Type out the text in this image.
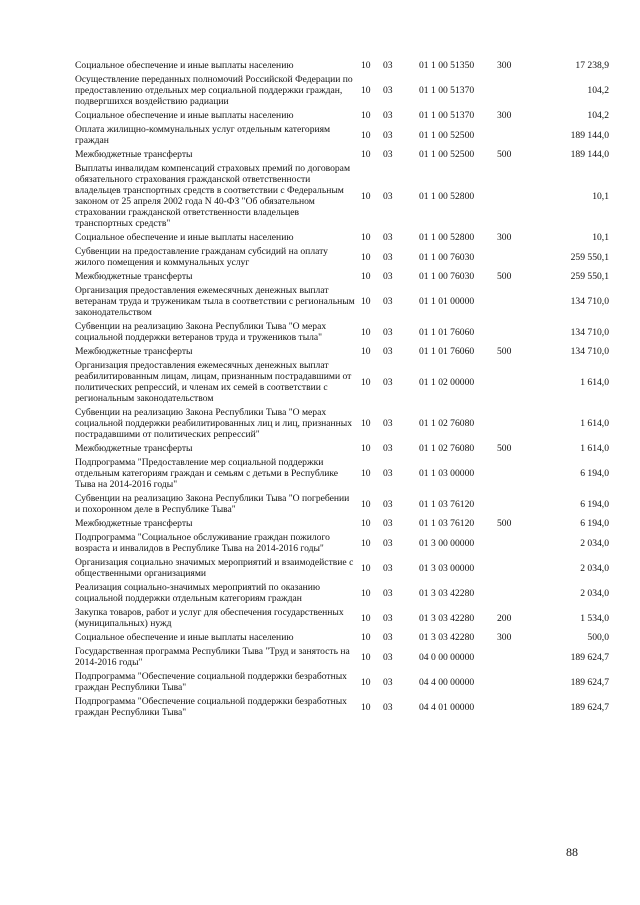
Социальное обеспечение и иные выплаты населению	10	03	01 1 00 51350	300	17 238,9
Осуществление переданных полномочий Российской Федерации по предоставлению отдельных мер социальной поддержки граждан, подвергшихся воздействию радиации	10	03	01 1 00 51370		104,2
Социальное обеспечение и иные выплаты населению	10	03	01 1 00 51370	300	104,2
Оплата жилищно-коммунальных услуг отдельным категориям граждан	10	03	01 1 00 52500		189 144,0
Межбюджетные трансферты	10	03	01 1 00 52500	500	189 144,0
Выплаты инвалидам компенсаций страховых премий по договорам обязательного страхования гражданской ответственности владельцев транспортных средств в соответствии с Федеральным законом от 25 апреля 2002 года N 40-ФЗ "Об обязательном страховании гражданской ответственности владельцев транспортных средств"	10	03	01 1 00 52800		10,1
Социальное обеспечение и иные выплаты населению	10	03	01 1 00 52800	300	10,1
Субвенции на предоставление гражданам субсидий на оплату жилого помещения и коммунальных услуг	10	03	01 1 00 76030		259 550,1
Межбюджетные трансферты	10	03	01 1 00 76030	500	259 550,1
Организация предоставления ежемесячных денежных выплат ветеранам труда и труженикам тыла в соответствии с региональным законодательством	10	03	01 1 01 00000		134 710,0
Субвенции на реализацию Закона Республики Тыва "О мерах социальной поддержки ветеранов труда и тружеников тыла"	10	03	01 1 01 76060		134 710,0
Межбюджетные трансферты	10	03	01 1 01 76060	500	134 710,0
Организация предоставления ежемесячных денежных выплат реабилитированным лицам, лицам, признанным пострадавшими от политических репрессий, и членам их семей в соответствии с региональным законодательством	10	03	01 1 02 00000		1 614,0
Субвенции на реализацию Закона Республики Тыва "О мерах социальной поддержки реабилитированных лиц и лиц, признанных пострадавшими от политических репрессий"	10	03	01 1 02 76080		1 614,0
Межбюджетные трансферты	10	03	01 1 02 76080	500	1 614,0
Подпрограмма "Предоставление мер социальной поддержки отдельным категориям граждан и семьям с детьми в Республике Тыва на 2014-2016 годы"	10	03	01 1 03 00000		6 194,0
Субвенции на реализацию Закона Республики Тыва "О погребении и похоронном деле в Республике Тыва"	10	03	01 1 03 76120		6 194,0
Межбюджетные трансферты	10	03	01 1 03 76120	500	6 194,0
Подпрограмма "Социальное обслуживание граждан пожилого возраста и инвалидов в Республике Тыва на 2014-2016 годы"	10	03	01 3 00 00000		2 034,0
Организация социально значимых мероприятий и взаимодействие с общественными организациями	10	03	01 3 03 00000		2 034,0
Реализация социально-значимых мероприятий по оказанию социальной поддержки отдельным категориям граждан	10	03	01 3 03 42280		2 034,0
Закупка товаров, работ и услуг для обеспечения государственных (муниципальных) нужд	10	03	01 3 03 42280	200	1 534,0
Социальное обеспечение и иные выплаты населению	10	03	01 3 03 42280	300	500,0
Государственная программа Республики Тыва "Труд и занятость на 2014-2016 годы"	10	03	04 0 00 00000		189 624,7
Подпрограмма "Обеспечение социальной поддержки безработных граждан Республики Тыва"	10	03	04 4 00 00000		189 624,7
Подпрограмма "Обеспечение социальной поддержки безработных граждан Республики Тыва"	10	03	04 4 01 00000		189 624,7
88
